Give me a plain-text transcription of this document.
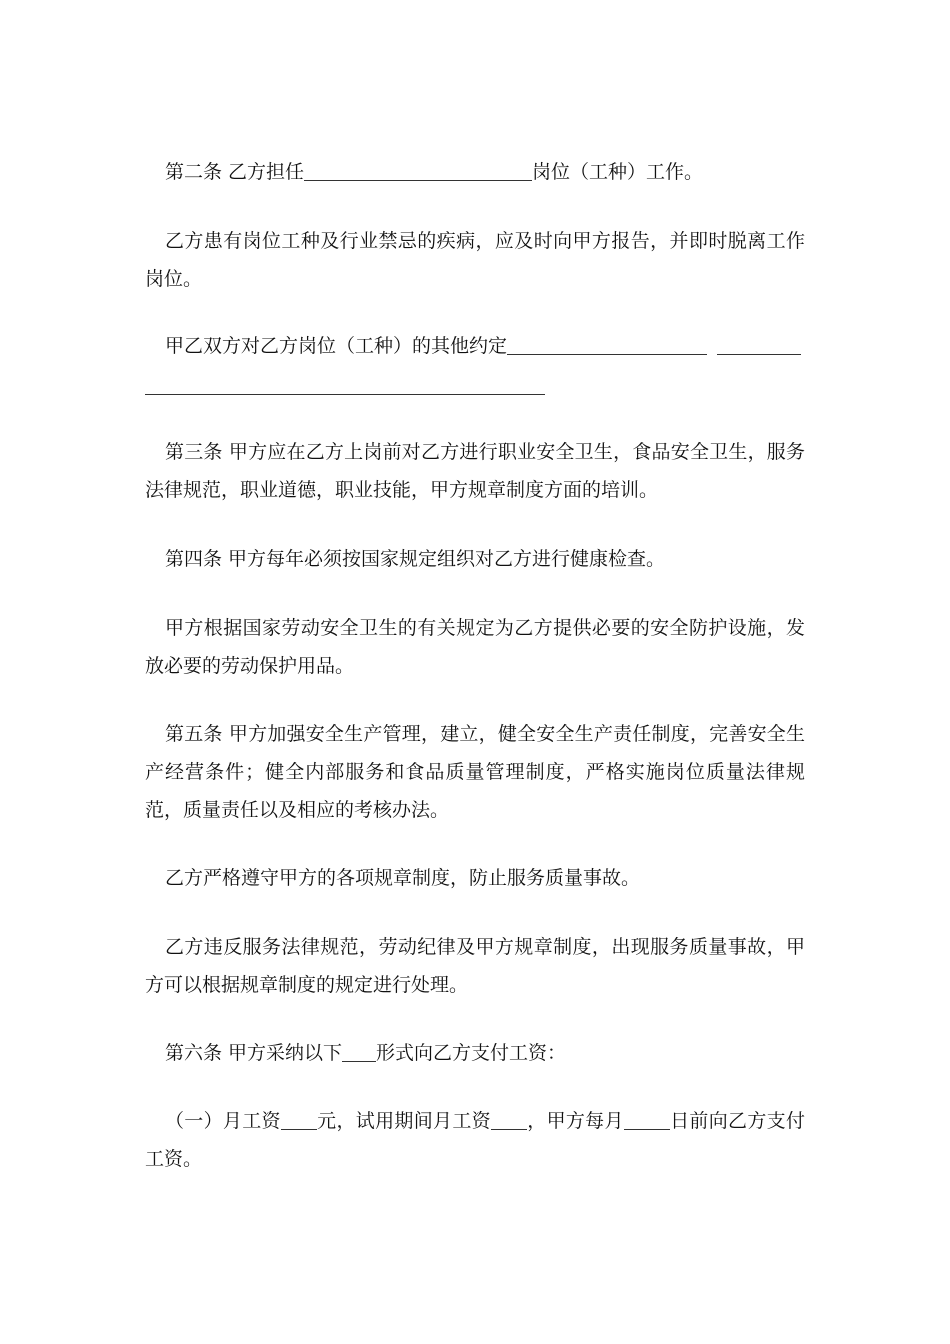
第二条 乙方担任	岗位（工种）工作。

乙方患有岗位工种及行业禁忌的疾病，应及时向甲方报告，并即时脱离工作岗位。

甲乙双方对乙方岗位（工种）的其他约定

第三条 甲方应在乙方上岗前对乙方进行职业安全卫生，食品安全卫生，服务法律规范，职业道德，职业技能，甲方规章制度方面的培训。

第四条 甲方每年必须按国家规定组织对乙方进行健康检查。

甲方根据国家劳动安全卫生的有关规定为乙方提供必要的安全防护设施，发放必要的劳动保护用品。

第五条 甲方加强安全生产管理，建立，健全安全生产责任制度，完善安全生产经营条件；健全内部服务和食品质量管理制度，严格实施岗位质量法律规范，质量责任以及相应的考核办法。

乙方严格遵守甲方的各项规章制度，防止服务质量事故。

乙方违反服务法律规范，劳动纪律及甲方规章制度，出现服务质量事故，甲方可以根据规章制度的规定进行处理。

第六条 甲方采纳以下 形式向乙方支付工资：
（一）月工资 元，试用期间月工资 ，甲方每月 日前向乙方支付工资。
